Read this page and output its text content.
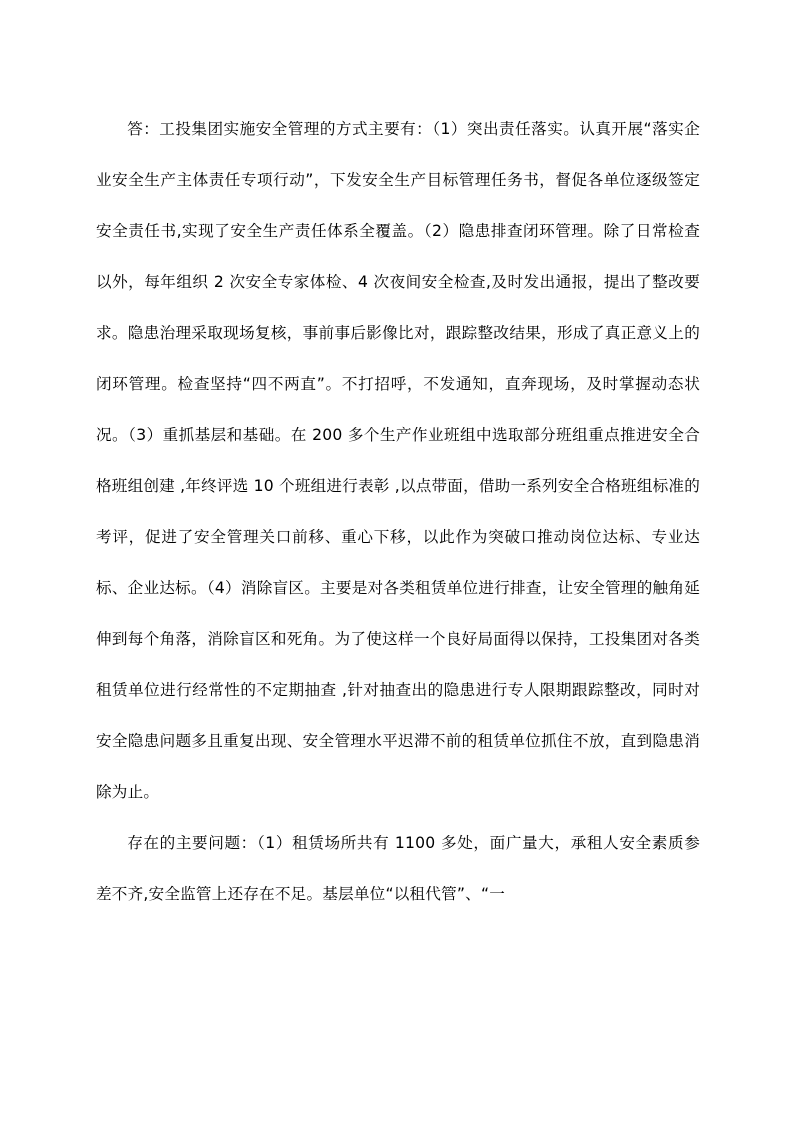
答：工投集团实施安全管理的方式主要有：（1）突出责任落实。认真开展“落实企业安全生产主体责任专项行动”，下发安全生产目标管理任务书，督促各单位逐级签定安全责任书,实现了安全生产责任体系全覆盖。（2）隐患排查闭环管理。除了日常检查以外，每年组织 2 次安全专家体检、4 次夜间安全检查,及时发出通报，提出了整改要求。隐患治理采取现场复核，事前事后影像比对，跟踪整改结果，形成了真正意义上的闭环管理。检查坚持“四不两直”。不打招呼，不发通知，直奔现场，及时掌握动态状况。（3）重抓基层和基础。在 200 多个生产作业班组中选取部分班组重点推进安全合格班组创建 ,年终评选 10 个班组进行表彰 ,以点带面，借助一系列安全合格班组标准的考评，促进了安全管理关口前移、重心下移，以此作为突破口推动岗位达标、专业达标、企业达标。（4）消除盲区。主要是对各类租赁单位进行排查，让安全管理的触角延伸到每个角落，消除盲区和死角。为了使这样一个良好局面得以保持，工投集团对各类租赁单位进行经常性的不定期抽查 ,针对抽查出的隐患进行专人限期跟踪整改，同时对安全隐患问题多且重复出现、安全管理水平迟滞不前的租赁单位抓住不放，直到隐患消除为止。

存在的主要问题：（1）租赁场所共有 1100 多处，面广量大，承租人安全素质参差不齐,安全监管上还存在不足。基层单位“以租代管”、“一
